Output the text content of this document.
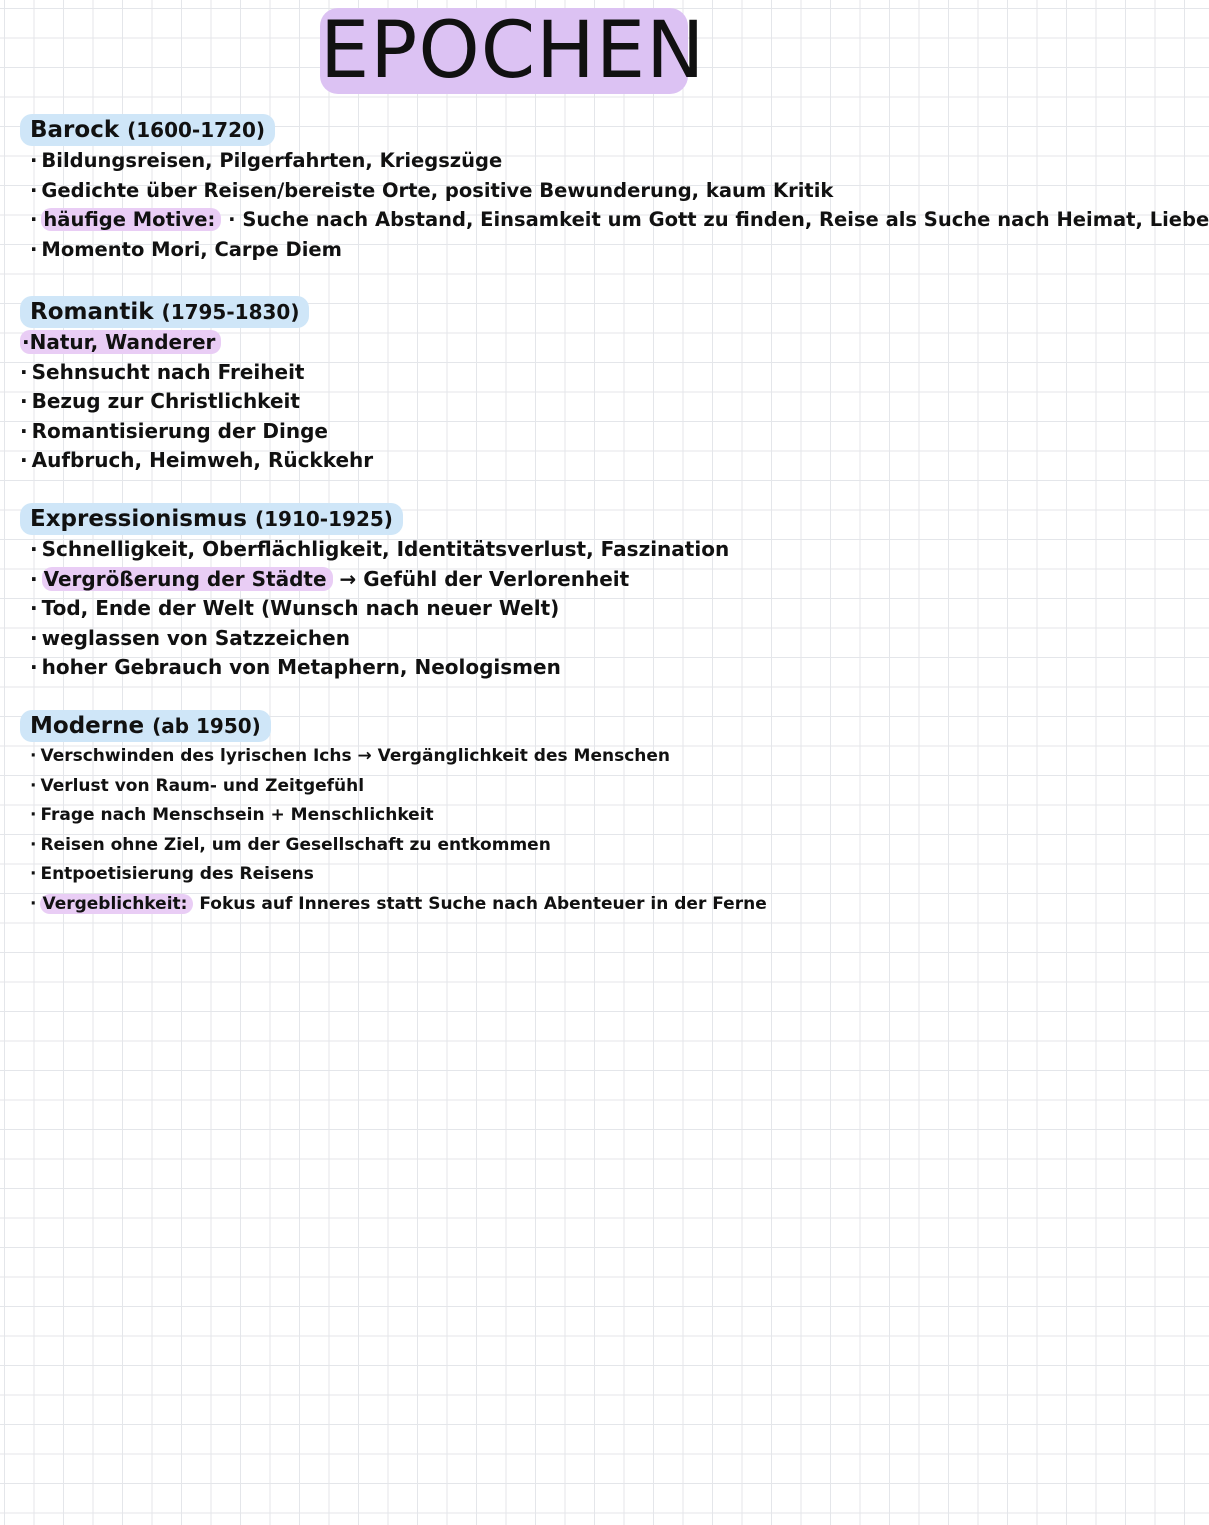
EPOCHEN
Barock (1600-1720)
· Bildungsreisen, Pilgerfahrten, Kriegszüge
· Gedichte über Reisen/bereiste Orte, positive Bewunderung, kaum Kritik
· häufige Motive: · Suche nach Abstand, Einsamkeit um Gott zu finden, Reise als Suche nach Heimat, Liebe
· Momento Mori, Carpe Diem
Romantik (1795-1830)
·Natur, Wanderer
· Sehnsucht nach Freiheit
· Bezug zur Christlichkeit
· Romantisierung der Dinge
· Aufbruch, Heimweh, Rückkehr
Expressionismus (1910-1925)
· Schnelligkeit, Oberflächligkeit, Identitätsverlust, Faszination
· Vergrößerung der Städte → Gefühl der Verlorenheit
· Tod, Ende der Welt (Wunsch nach neuer Welt)
· weglassen von Satzzeichen
· hoher Gebrauch von Metaphern, Neologismen
Moderne (ab 1950)
· Verschwinden des lyrischen Ichs → Vergänglichkeit des Menschen
· Verlust von Raum- und Zeitgefühl
· Frage nach Menschsein + Menschlichkeit
· Reisen ohne Ziel, um der Gesellschaft zu entkommen
· Entpoetisierung des Reisens
· Vergeblichkeit: Fokus auf Inneres statt Suche nach Abenteuer in der Ferne
